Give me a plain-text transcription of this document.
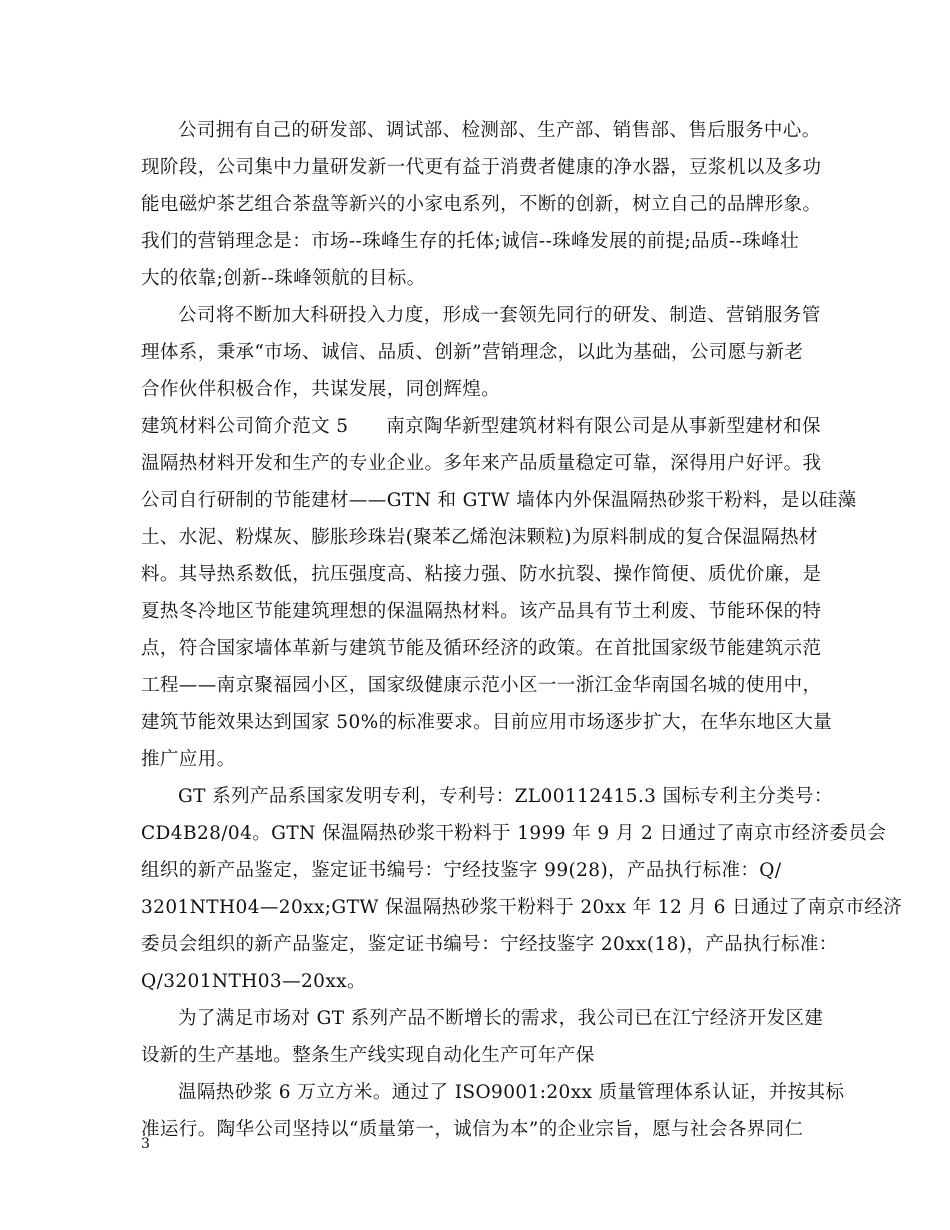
公司拥有自己的研发部、调试部、检测部、生产部、销售部、售后服务中心。
现阶段，公司集中力量研发新一代更有益于消费者健康的净水器，豆浆机以及多功
能电磁炉茶艺组合茶盘等新兴的小家电系列，不断的创新，树立自己的品牌形象。
我们的营销理念是：市场--珠峰生存的托体;诚信--珠峰发展的前提;品质--珠峰壮
大的依靠;创新--珠峰领航的目标。
公司将不断加大科研投入力度，形成一套领先同行的研发、制造、营销服务管
理体系，秉承“市场、诚信、品质、创新”营销理念，以此为基础，公司愿与新老
合作伙伴积极合作，共谋发展，同创辉煌。
建筑材料公司简介范文 5　　南京陶华新型建筑材料有限公司是从事新型建材和保
温隔热材料开发和生产的专业企业。多年来产品质量稳定可靠，深得用户好评。我
公司自行研制的节能建材——GTN 和 GTW 墙体内外保温隔热砂浆干粉料，是以硅藻
土、水泥、粉煤灰、膨胀珍珠岩(聚苯乙烯泡沫颗粒)为原料制成的复合保温隔热材
料。其导热系数低，抗压强度高、粘接力强、防水抗裂、操作简便、质优价廉，是
夏热冬冷地区节能建筑理想的保温隔热材料。该产品具有节土利废、节能环保的特
点，符合国家墙体革新与建筑节能及循环经济的政策。在首批国家级节能建筑示范
工程——南京聚福园小区，国家级健康示范小区一一浙江金华南国名城的使用中，
建筑节能效果达到国家 50%的标准要求。目前应用市场逐步扩大，在华东地区大量
推广应用。
GT 系列产品系国家发明专利，专利号：ZL00112415.3 国标专利主分类号：
CD4B28/04。GTN 保温隔热砂浆干粉料于 1999 年 9 月 2 日通过了南京市经济委员会
组织的新产品鉴定，鉴定证书编号：宁经技鉴字 99(28)，产品执行标准：Q/
3201NTH04—20xx;GTW 保温隔热砂浆干粉料于 20xx 年 12 月 6 日通过了南京市经济
委员会组织的新产品鉴定，鉴定证书编号：宁经技鉴字 20xx(18)，产品执行标准：
Q/3201NTH03—20xx。
为了满足市场对 GT 系列产品不断增长的需求，我公司已在江宁经济开发区建
设新的生产基地。整条生产线实现自动化生产可年产保
温隔热砂浆 6 万立方米。通过了 ISO9001:20xx 质量管理体系认证，并按其标
准运行。陶华公司坚持以“质量第一，诚信为本”的企业宗旨，愿与社会各界同仁
3
